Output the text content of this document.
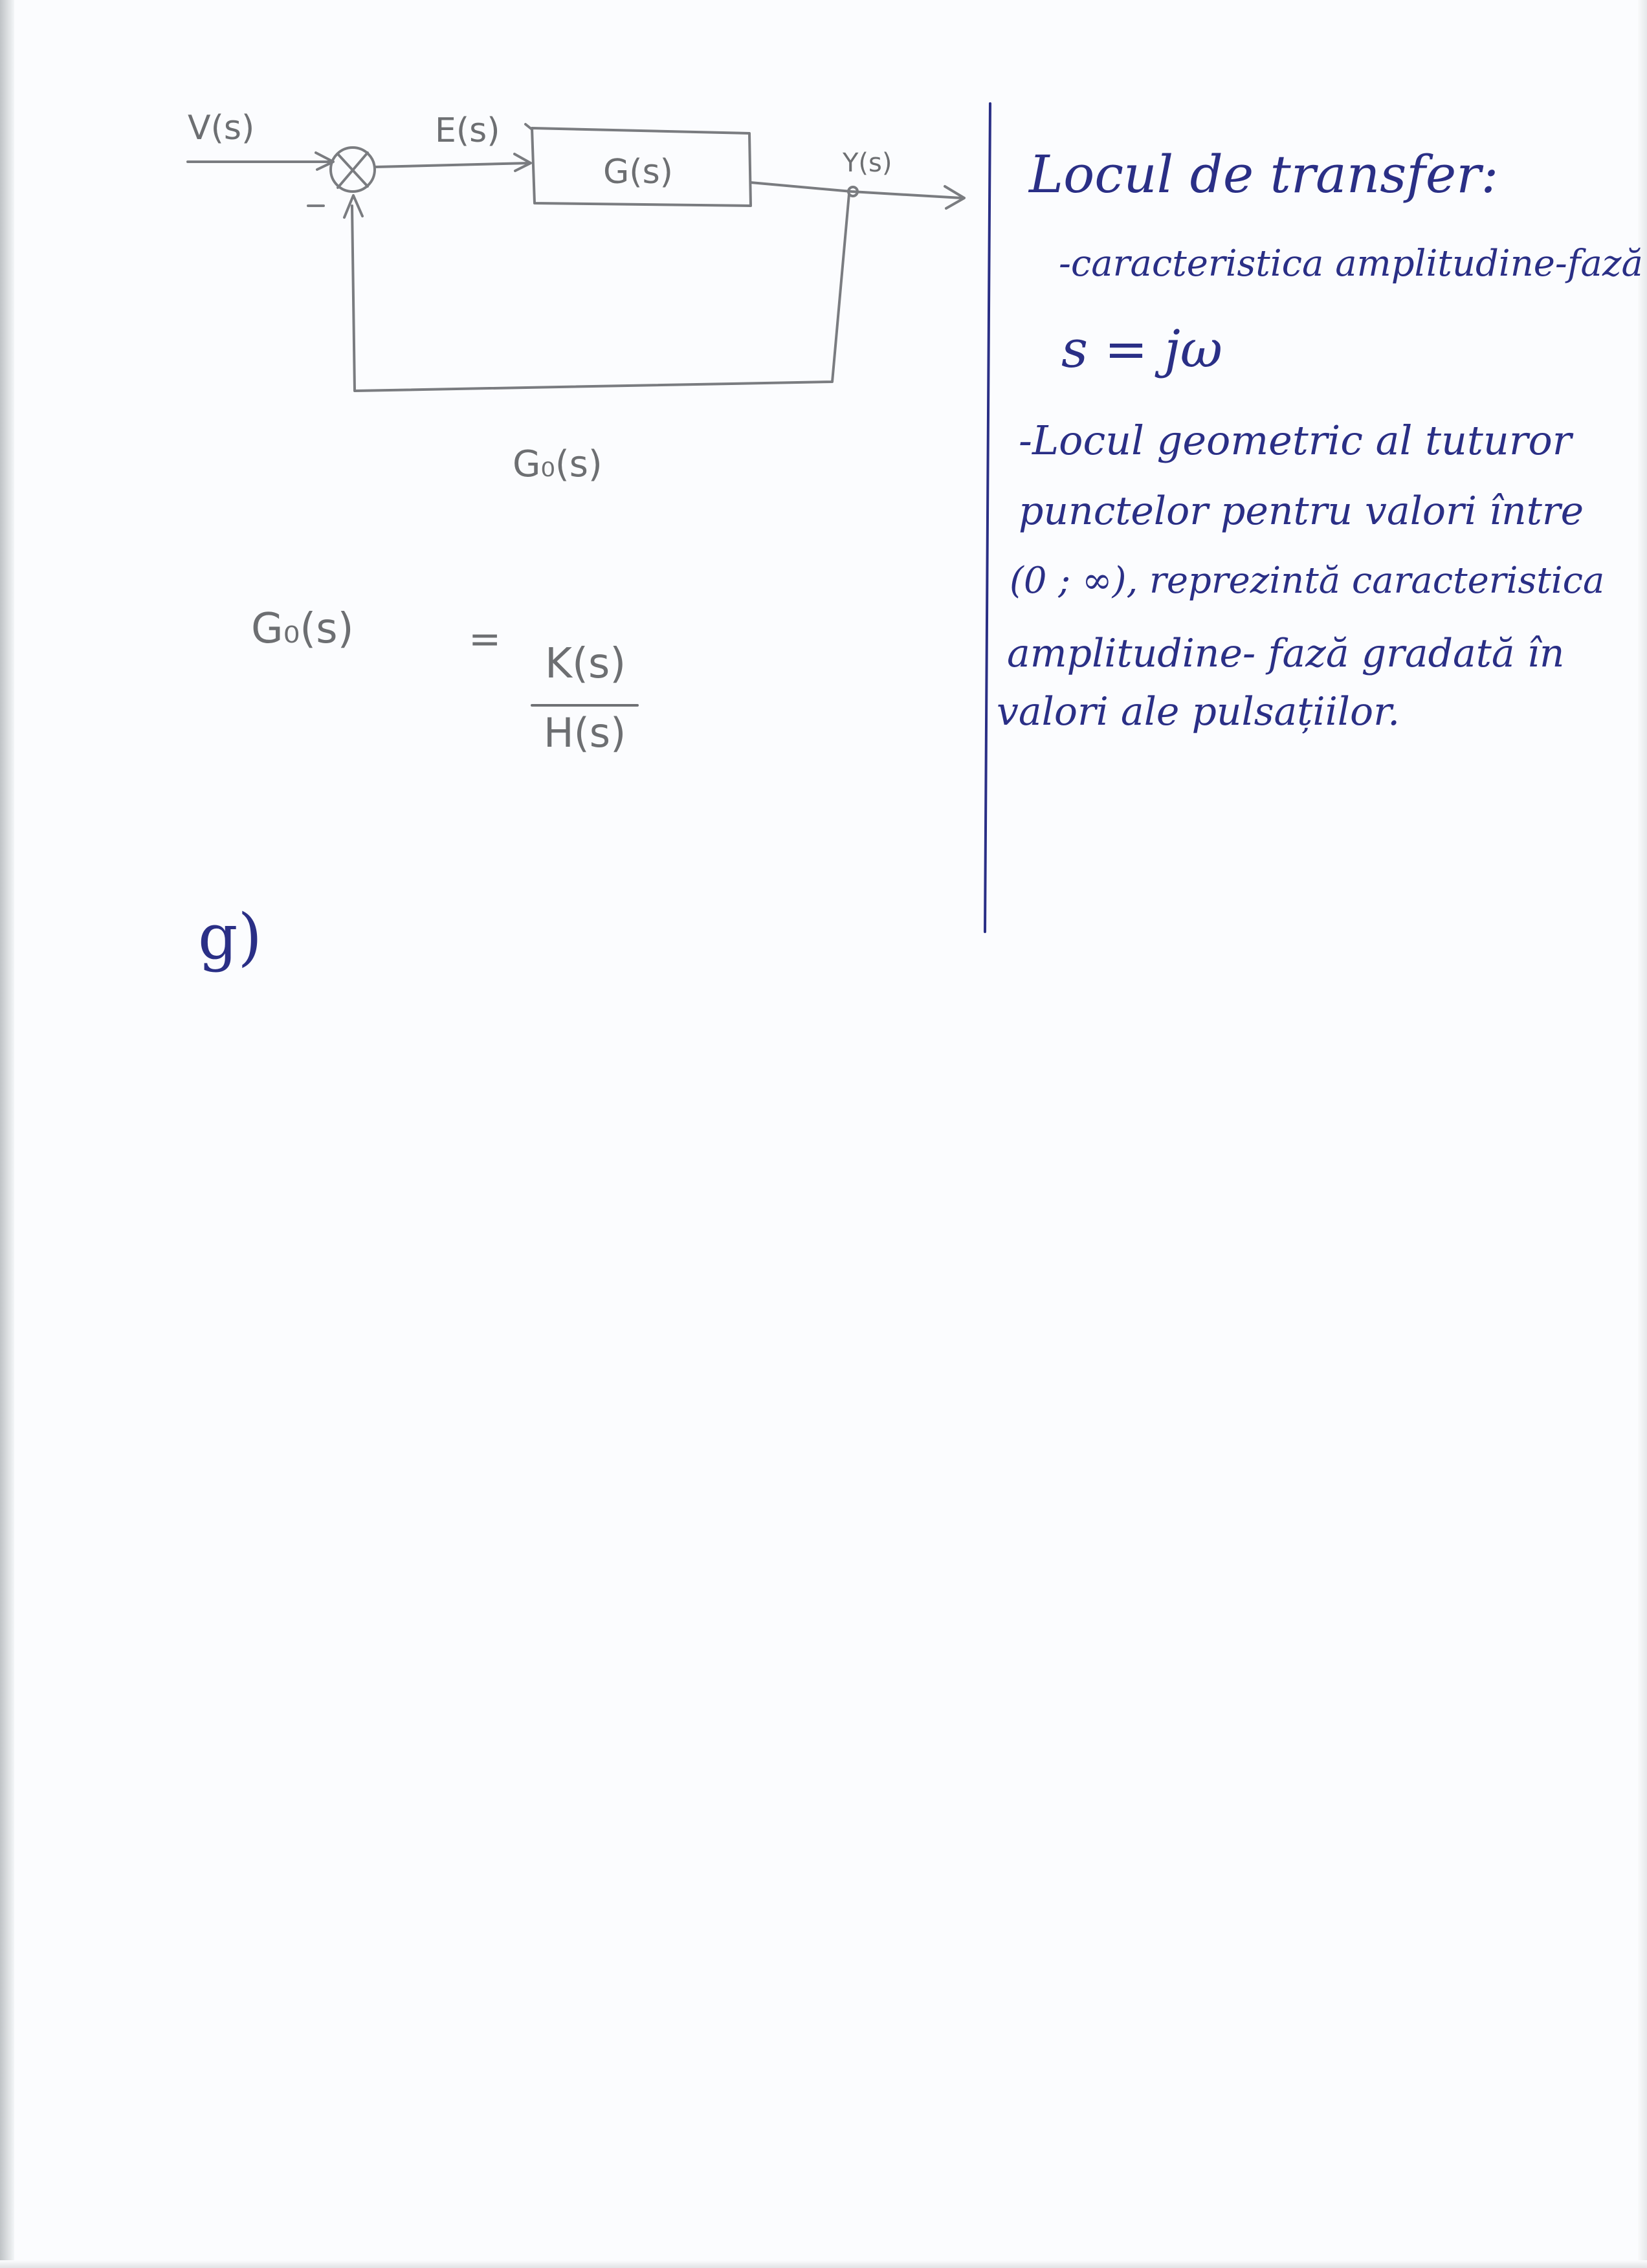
V(s)	E(s)
G(s)	Y(s)
G₀(s)
G₀(s)	=
K(s)
H(s)
g)
Locul de transfer:
-caracteristica amplitudine-fază
s = jω
-Locul geometric al tuturor
punctelor pentru valori între
(0 ; ∞), reprezintă caracteristica
amplitudine- fază gradată în
valori ale pulsațiilor.
